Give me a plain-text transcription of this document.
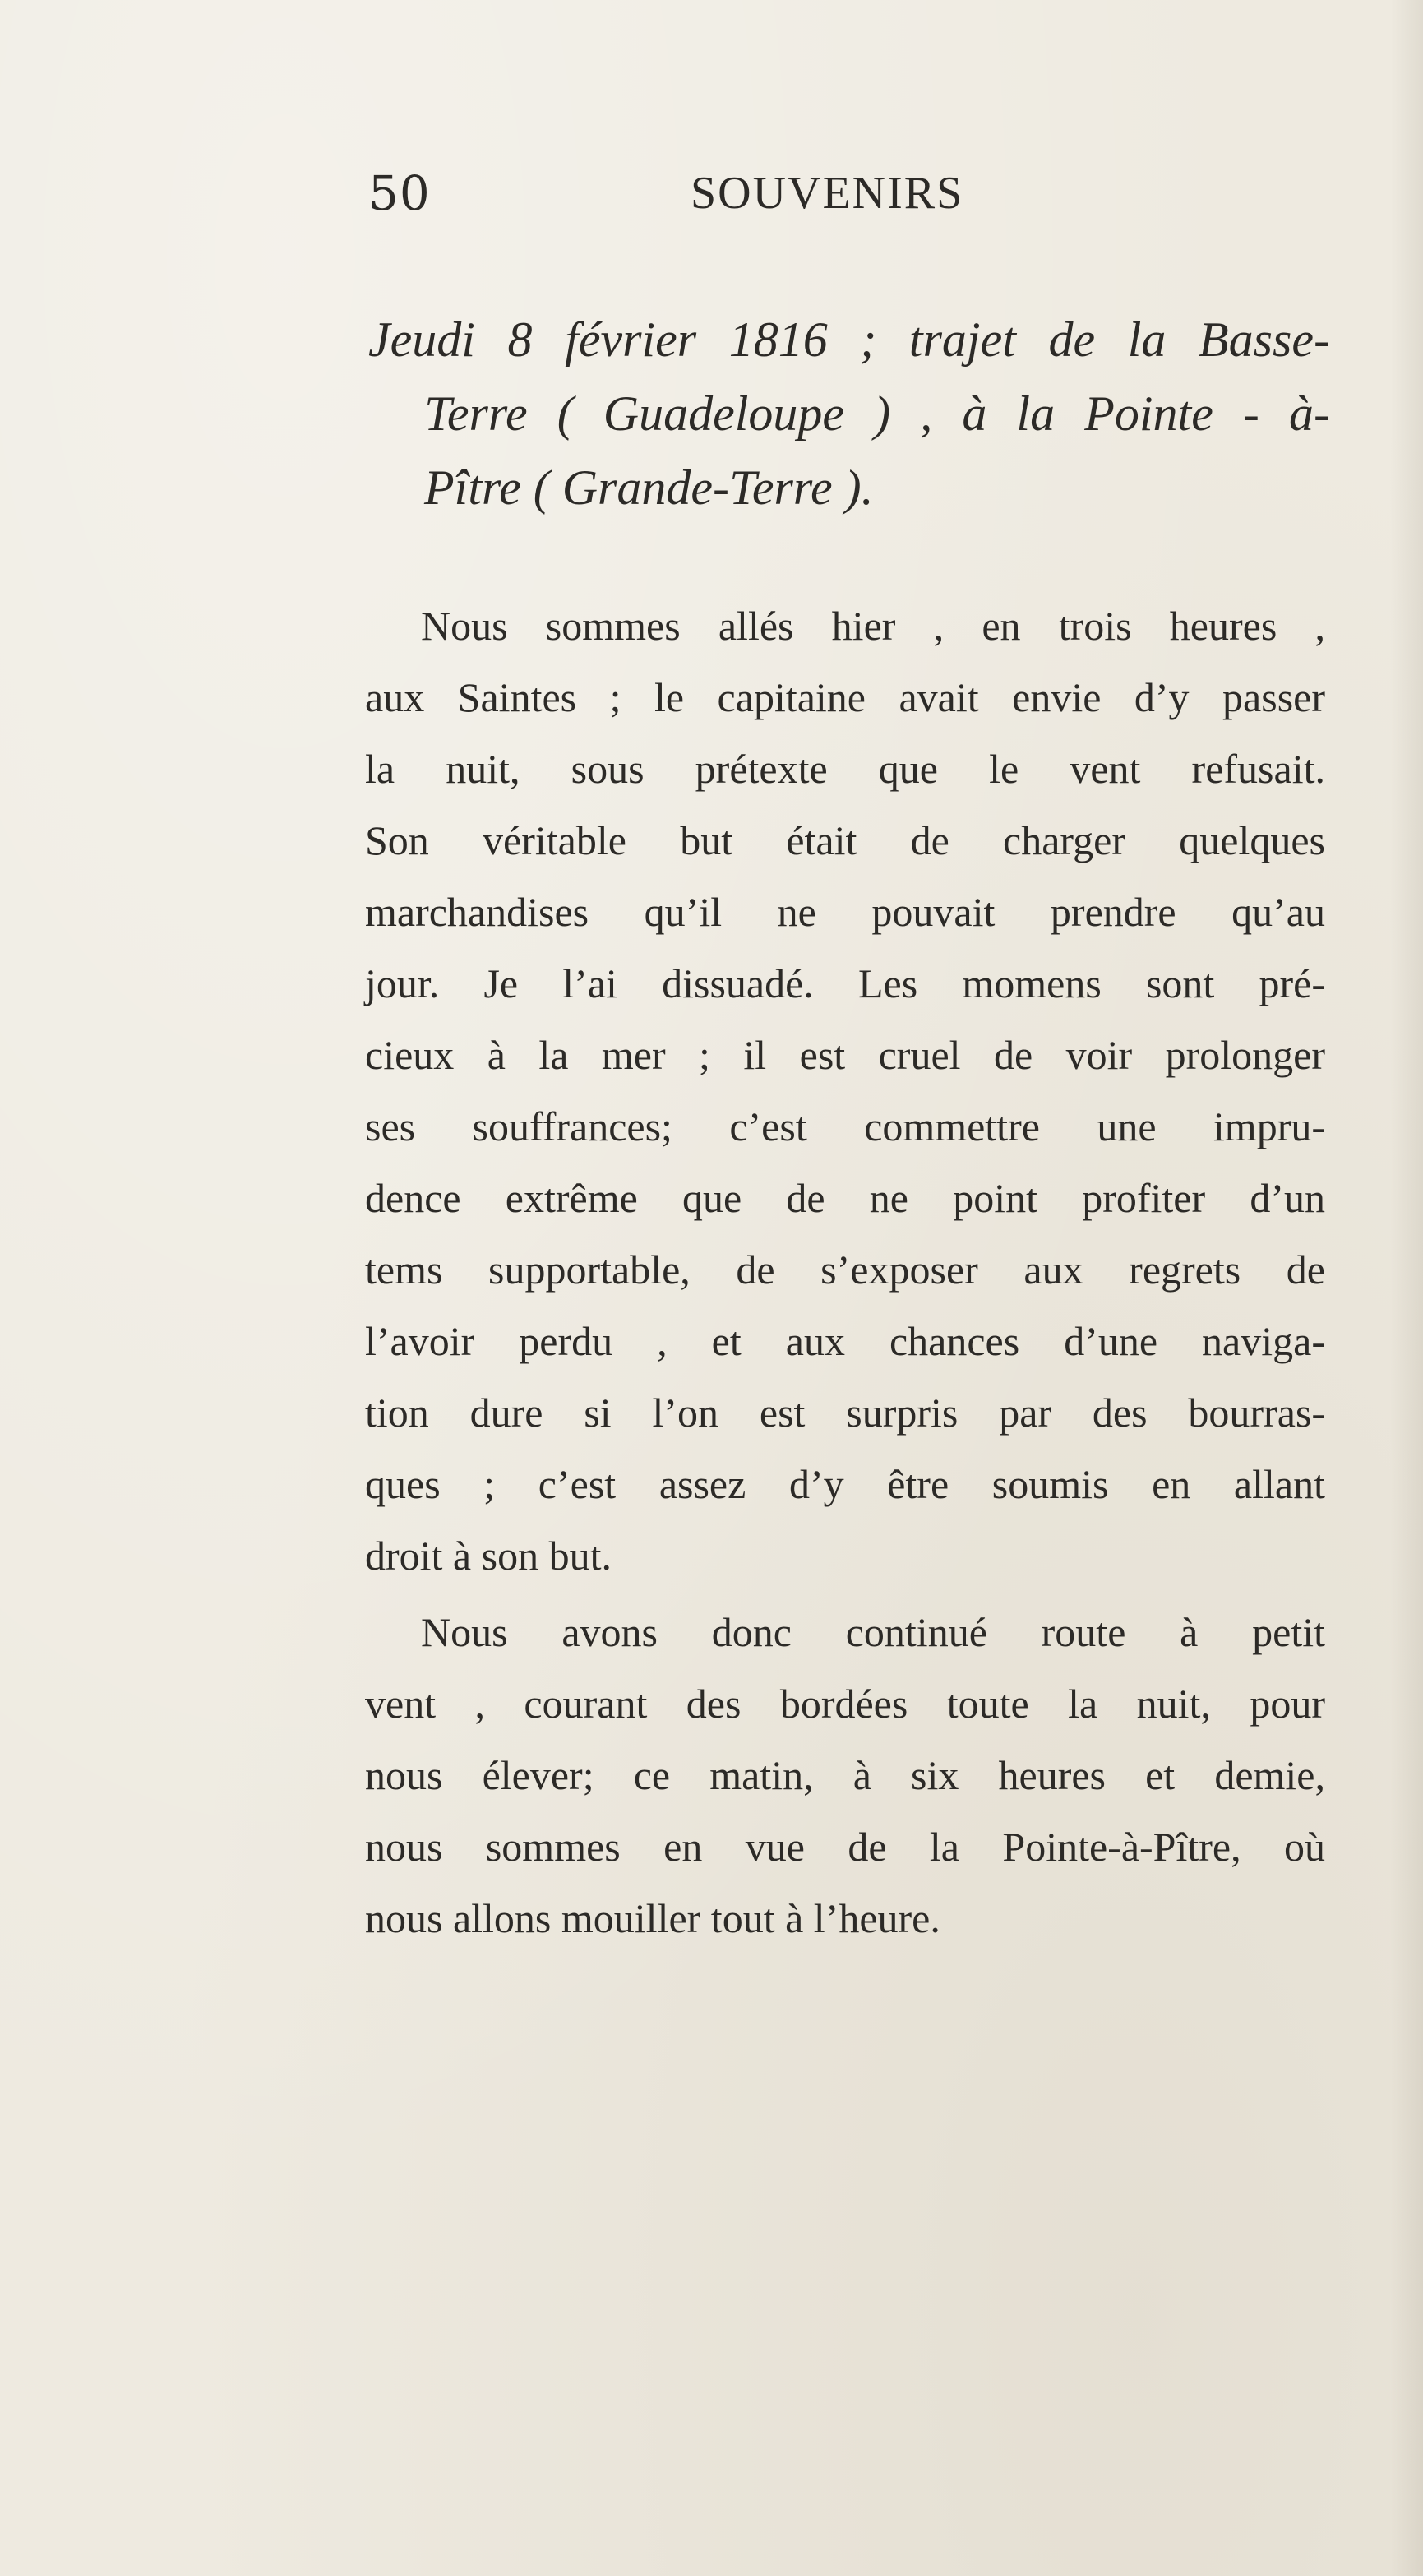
50	SOUVENIRS
Jeudi 8 février 1816 ; trajet de la Basse-
Terre ( Guadeloupe ) , à la Pointe - à-
Pître ( Grande-Terre ).
Nous sommes allés hier , en trois heures ,
aux Saintes ; le capitaine avait envie d’y passer
la nuit, sous prétexte que le vent refusait.
Son véritable but était de charger quelques
marchandises qu’il ne pouvait prendre qu’au
jour. Je l’ai dissuadé. Les momens sont pré-
cieux à la mer ; il est cruel de voir prolonger
ses souffrances; c’est commettre une impru-
dence extrême que de ne point profiter d’un
tems supportable, de s’exposer aux regrets de
l’avoir perdu , et aux chances d’une naviga-
tion dure si l’on est surpris par des bourras-
ques ; c’est assez d’y être soumis en allant
droit à son but.
Nous avons donc continué route à petit
vent , courant des bordées toute la nuit, pour
nous élever; ce matin, à six heures et demie,
nous sommes en vue de la Pointe-à-Pître, où
nous allons mouiller tout à l’heure.
